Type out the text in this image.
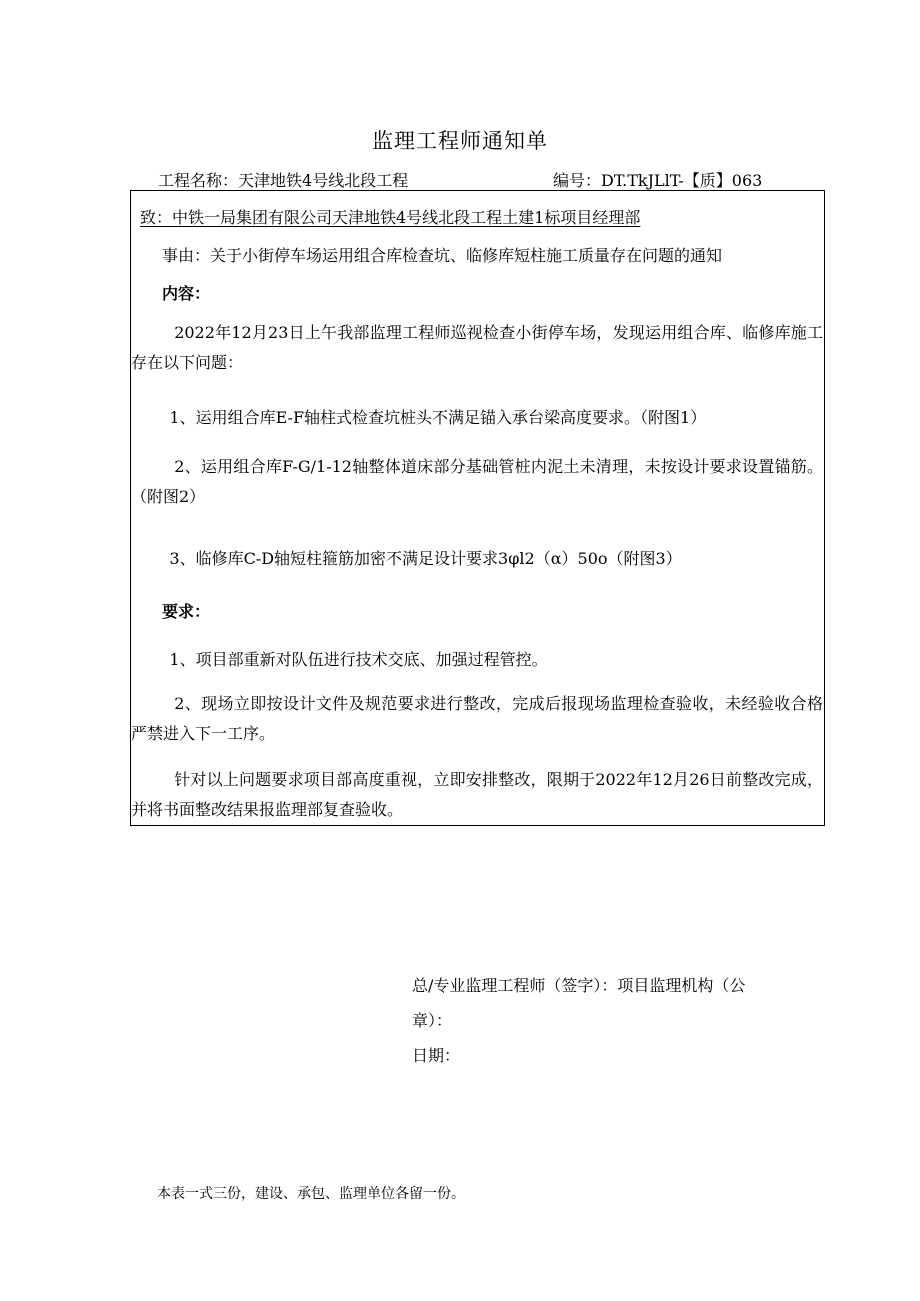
监理工程师通知单
工程名称：天津地铁4号线北段工程	编号：DT.TkJLlT-【质】063
致：中铁一局集团有限公司天津地铁4号线北段工程土建1标项目经理部
事由：关于小街停车场运用组合库检查坑、临修库短柱施工质量存在问题的通知
内容：
2022年12月23日上午我部监理工程师巡视检查小街停车场，发现运用组合库、临修库施工存在以下问题：
1、运用组合库E-F轴柱式检查坑桩头不满足锚入承台梁高度要求。（附图1）
2、运用组合库F-G/1-12轴整体道床部分基础管桩内泥土未清理，未按设计要求设置锚筋。（附图2）
3、临修库C-D轴短柱箍筋加密不满足设计要求3φl2（α）50o（附图3）
要求：
1、项目部重新对队伍进行技术交底、加强过程管控。
2、现场立即按设计文件及规范要求进行整改，完成后报现场监理检查验收，未经验收合格严禁进入下一工序。
针对以上问题要求项目部高度重视，立即安排整改，限期于2022年12月26日前整改完成，并将书面整改结果报监理部复查验收。
总/专业监理工程师（签字）：项目监理机构（公
章）：
日期：
本表一式三份，建设、承包、监理单位各留一份。
